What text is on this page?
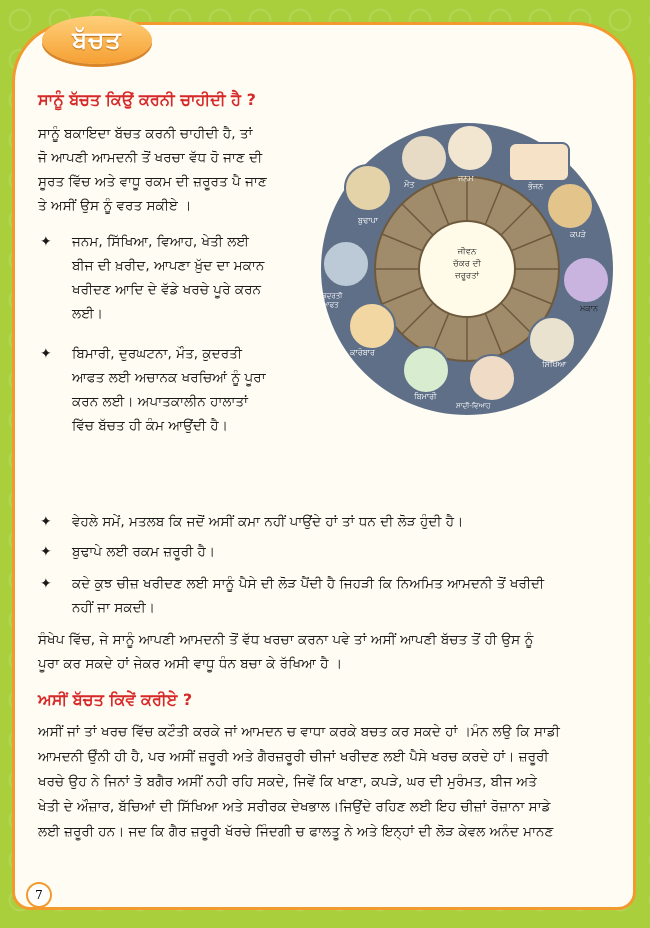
ਬੱਚਤ
ਸਾਨੂੰ ਬੱਚਤ ਕਿਉਂ ਕਰਨੀ ਚਾਹੀਦੀ ਹੈ ?
ਸਾਨੂੰ ਬਕਾਇਦਾ ਬੱਚਤ ਕਰਨੀ ਚਾਹੀਦੀ ਹੈ, ਤਾਂ
ਜੋ ਆਪਣੀ ਆਮਦਨੀ ਤੋਂ ਖਰਚਾ ਵੱਧ ਹੋ ਜਾਣ ਦੀ
ਸੂਰਤ ਵਿੱਚ ਅਤੇ ਵਾਧੂ ਰਕਮ ਦੀ ਜ਼ਰੂਰਤ ਪੈ ਜਾਣ
ਤੇ ਅਸੀਂ ਉਸ ਨੂੰ ਵਰਤ ਸਕੀਏ ।
✦ ਜਨਮ, ਸਿੱਖਿਆ, ਵਿਆਹ, ਖੇਤੀ ਲਈ
ਬੀਜ ਦੀ ਖ਼ਰੀਦ, ਆਪਣਾ ਖ਼ੁੱਦ ਦਾ ਮਕਾਨ
ਖਰੀਦਣ ਆਦਿ ਦੇ ਵੱਡੇ ਖਰਚੇ ਪੂਰੇ ਕਰਨ
ਲਈ।
✦ ਬਿਮਾਰੀ, ਦੁਰਘਟਨਾ, ਮੌਤ, ਕੁਦਰਤੀ
ਆਫਤ ਲਈ ਅਚਾਨਕ ਖਰਚਿਆਂ ਨੂੰ ਪੂਰਾ
ਕਰਨ ਲਈ। ਅਪਾਤਕਾਲੀਨ ਹਾਲਾਤਾਂ
ਵਿੱਚ ਬੱਚਤ ਹੀ ਕੰਮ ਆਉਂਦੀ ਹੈ।
ਜੀਵਨ
ਚੱਕਰ ਦੀ
ਜ਼ਰੂਰਤਾਂ
ਜਨਮ
ਭੋਜਨ
ਕਪੜੇ
ਮਕਾਨ
ਸਿੱਖਿਆ
ਸਾਦੀ-ਵਿਆਹ
ਬਿਮਾਰੀ
ਕਾਰੋਬਾਰ
ਕੁਦਰਤੀ ਆਫਤ
ਬੁਢਾਪਾ
ਮੌਤ
✦ ਵੇਹਲੇ ਸਮੇਂ, ਮਤਲਬ ਕਿ ਜਦੋਂ ਅਸੀਂ ਕਮਾ ਨਹੀਂ ਪਾਉਂਦੇ ਹਾਂ ਤਾਂ ਧਨ ਦੀ ਲੋੜ ਹੁੰਦੀ ਹੈ।
✦ ਬੁਢਾਪੇ ਲਈ ਰਕਮ ਜ਼ਰੂਰੀ ਹੈ।
✦ ਕਦੇ ਕੁਝ ਚੀਜ਼ ਖਰੀਦਣ ਲਈ ਸਾਨੂੰ ਪੈਸੇ ਦੀ ਲੋੜ ਪੈਂਦੀ ਹੈ ਜਿਹੜੀ ਕਿ ਨਿਅਮਿਤ ਆਮਦਨੀ ਤੋਂ ਖਰੀਦੀ
ਨਹੀਂ ਜਾ ਸਕਦੀ।
ਸੰਖੇਪ ਵਿੱਚ, ਜੇ ਸਾਨੂੰ ਆਪਣੀ ਆਮਦਨੀ ਤੋਂ ਵੱਧ ਖਰਚਾ ਕਰਨਾ ਪਵੇ ਤਾਂ ਅਸੀਂ ਆਪਣੀ ਬੱਚਤ ਤੋਂ ਹੀ ਉਸ ਨੂੰ
ਪੂਰਾ ਕਰ ਸਕਦੇ ਹਾਂ ਜੇਕਰ ਅਸੀ ਵਾਧੂ ਧੰਨ ਬਚਾ ਕੇ ਰੱਖਿਆ ਹੈ ।
ਅਸੀਂ ਬੱਚਤ ਕਿਵੇਂ ਕਰੀਏ ?
ਅਸੀਂ ਜਾਂ ਤਾਂ ਖਰਚ ਵਿੱਚ ਕਟੌਤੀ ਕਰਕੇ ਜਾਂ ਆਮਦਨ ਚ ਵਾਧਾ ਕਰਕੇ ਬਚਤ ਕਰ ਸਕਦੇ ਹਾਂ ।ਮੰਨ ਲਉ ਕਿ ਸਾਡੀ
ਆਮਦਨੀ ਉੰਨੀ ਹੀ ਹੈ, ਪਰ ਅਸੀਂ ਜ਼ਰੂਰੀ ਅਤੇ ਗੈਰਜ਼ਰੂਰੀ ਚੀਜਾਂ ਖਰੀਦਣ ਲਈ ਪੈਸੇ ਖਰਚ ਕਰਦੇ ਹਾਂ। ਜ਼ਰੂਰੀ
ਖਰਚੇ ਉਹ ਨੇ ਜਿਨਾਂ ਤੋ ਬਗੈਰ ਅਸੀਂ ਨਹੀ ਰਹਿ ਸਕਦੇ, ਜਿਵੇਂ ਕਿ ਖਾਣਾ, ਕਪੜੇ, ਘਰ ਦੀ ਮੁਰੰਮਤ, ਬੀਜ ਅਤੇ
ਖੇਤੀ ਦੇ ਔਜ਼ਾਰ, ਬੱਚਿਆਂ ਦੀ ਸਿੱਖਿਆ ਅਤੇ ਸਰੀਰਕ ਦੇਖਭਾਲ।ਜਿਉਂਦੇ ਰਹਿਣ ਲਈ ਇਹ ਚੀਜ਼ਾਂ ਰੋਜ਼ਾਨਾ ਸਾਡੇ
ਲਈ ਜ਼ਰੂਰੀ ਹਨ। ਜਦ ਕਿ ਗੈਰ ਜ਼ਰੂਰੀ ਖੱਰਚੇ ਜਿੰਦਗੀ ਚ ਫਾਲਤੂ ਨੇ ਅਤੇ ਇਨ੍ਹਾਂ ਦੀ ਲੋੜ ਕੇਵਲ ਅਨੰਦ ਮਾਨਣ
7
